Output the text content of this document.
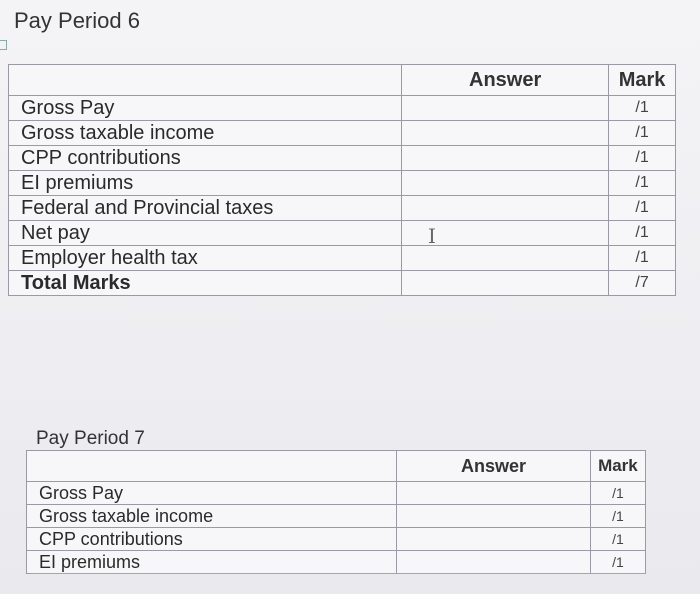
Pay Period 6
	Answer	Mark
Gross Pay		/1
Gross taxable income		/1
CPP contributions		/1
EI premiums		/1
Federal and Provincial taxes		/1
Net pay		/1
Employer health tax		/1
Total Marks		/7
I
Pay Period 7
	Answer	Mark
Gross Pay		/1
Gross taxable income		/1
CPP contributions		/1
EI premiums		/1
